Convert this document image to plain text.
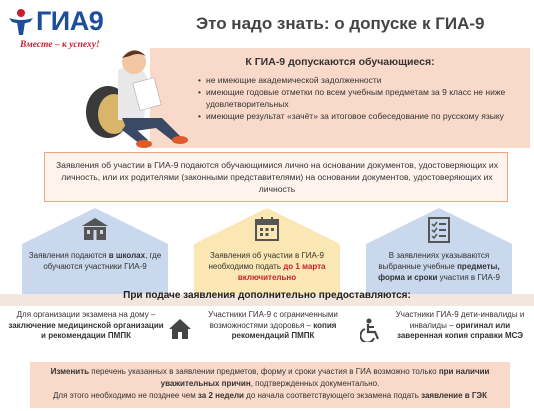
ГИА9
Вместе – к успеху!
Это надо знать: о допуске к ГИА-9
К ГИА-9 допускаются обучающиеся:
• не имеющие академической задолженности
• имеющие годовые отметки по всем учебным предметам за 9 класс не ниже удовлетворительных
• имеющие результат «зачёт» за итоговое собеседование по русскому языку
Заявления об участии в ГИА-9 подаются обучающимися лично на основании документов, удостоверяющих их личность, или их родителями (законными представителями) на основании документов, удостоверяющих их личность
Заявления подаются в школах, где обучаются участники ГИА-9
Заявления об участии в ГИА-9 необходимо подать до 1 марта включительно
В заявлениях указываются выбранные учебные предметы, форма и сроки участия в ГИА-9
При подаче заявления дополнительно предоставляются:
Для организации экзамена на дому – заключение медицинской организации и рекомендации ПМПК
Участники ГИА-9 с ограниченными возможностями здоровья – копия рекомендаций ПМПК
Участники ГИА-9 дети-инвалиды и инвалиды – оригинал или заверенная копия справки МСЭ
Изменить перечень указанных в заявлении предметов, форму и сроки участия в ГИА возможно только при наличии уважительных причин, подтвержденных документально.
Для этого необходимо не позднее чем за 2 недели до начала соответствующего экзамена подать заявление в ГЭК
